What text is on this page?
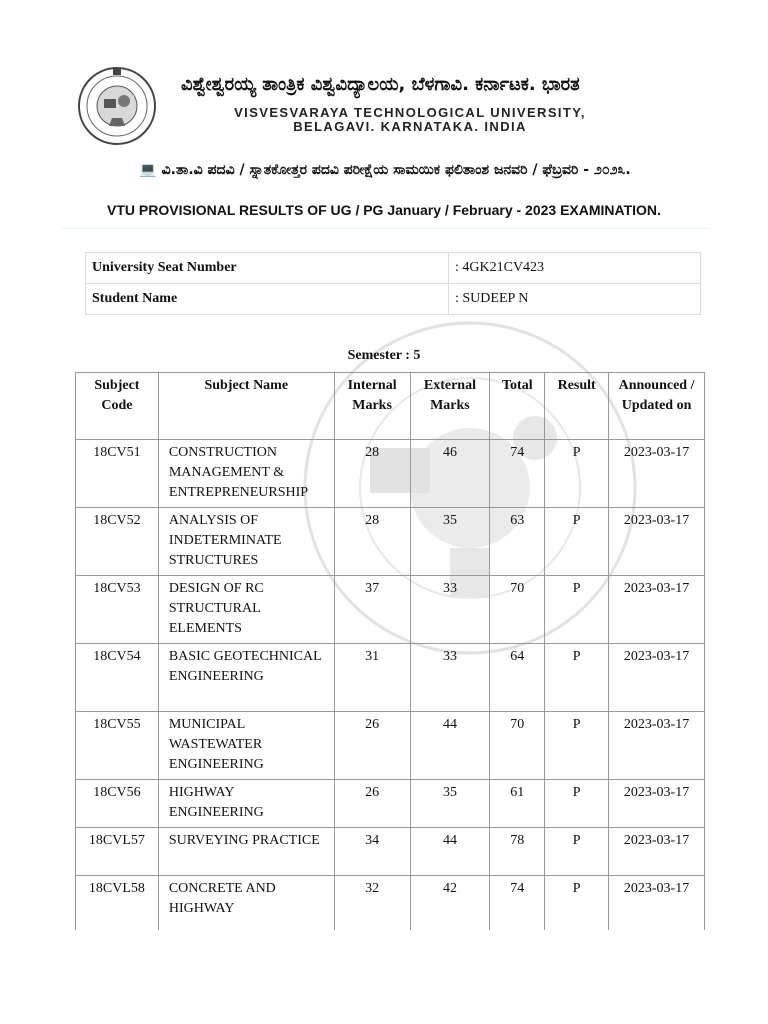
ವಿಶ್ವೇಶ್ವರಯ್ಯ ತಾಂತ್ರಿಕ ವಿಶ್ವವಿದ್ಯಾಲಯ, ಬೆಳಗಾವಿ. ಕರ್ನಾಟಕ. ಭಾರತ
VISVESVARAYA TECHNOLOGICAL UNIVERSITY,
BELAGAVI. KARNATAKA. INDIA
💻 ವಿ.ತಾ.ವಿ ಪದವಿ / ಸ್ನಾತಕೋತ್ತರ ಪದವಿ ಪರೀಕ್ಷೆಯ ಸಾಮಯಿಕ ಫಲಿತಾಂಶ ಜನವರಿ / ಫೆಬ್ರವರಿ - ೨೦೨೩.
VTU PROVISIONAL RESULTS OF UG / PG January / February - 2023 EXAMINATION.
University Seat Number	: 4GK21CV423
Student Name	: SUDEEP N
Semester : 5
Subject Code	Subject Name	Internal Marks	External Marks	Total	Result	Announced / Updated on
18CV51	CONSTRUCTION MANAGEMENT & ENTREPRENEURSHIP	28	46	74	P	2023-03-17
18CV52	ANALYSIS OF INDETERMINATE STRUCTURES	28	35	63	P	2023-03-17
18CV53	DESIGN OF RC STRUCTURAL ELEMENTS	37	33	70	P	2023-03-17
18CV54	BASIC GEOTECHNICAL ENGINEERING	31	33	64	P	2023-03-17
18CV55	MUNICIPAL WASTEWATER ENGINEERING	26	44	70	P	2023-03-17
18CV56	HIGHWAY ENGINEERING	26	35	61	P	2023-03-17
18CVL57	SURVEYING PRACTICE	34	44	78	P	2023-03-17
18CVL58	CONCRETE AND HIGHWAY	32	42	74	P	2023-03-17
